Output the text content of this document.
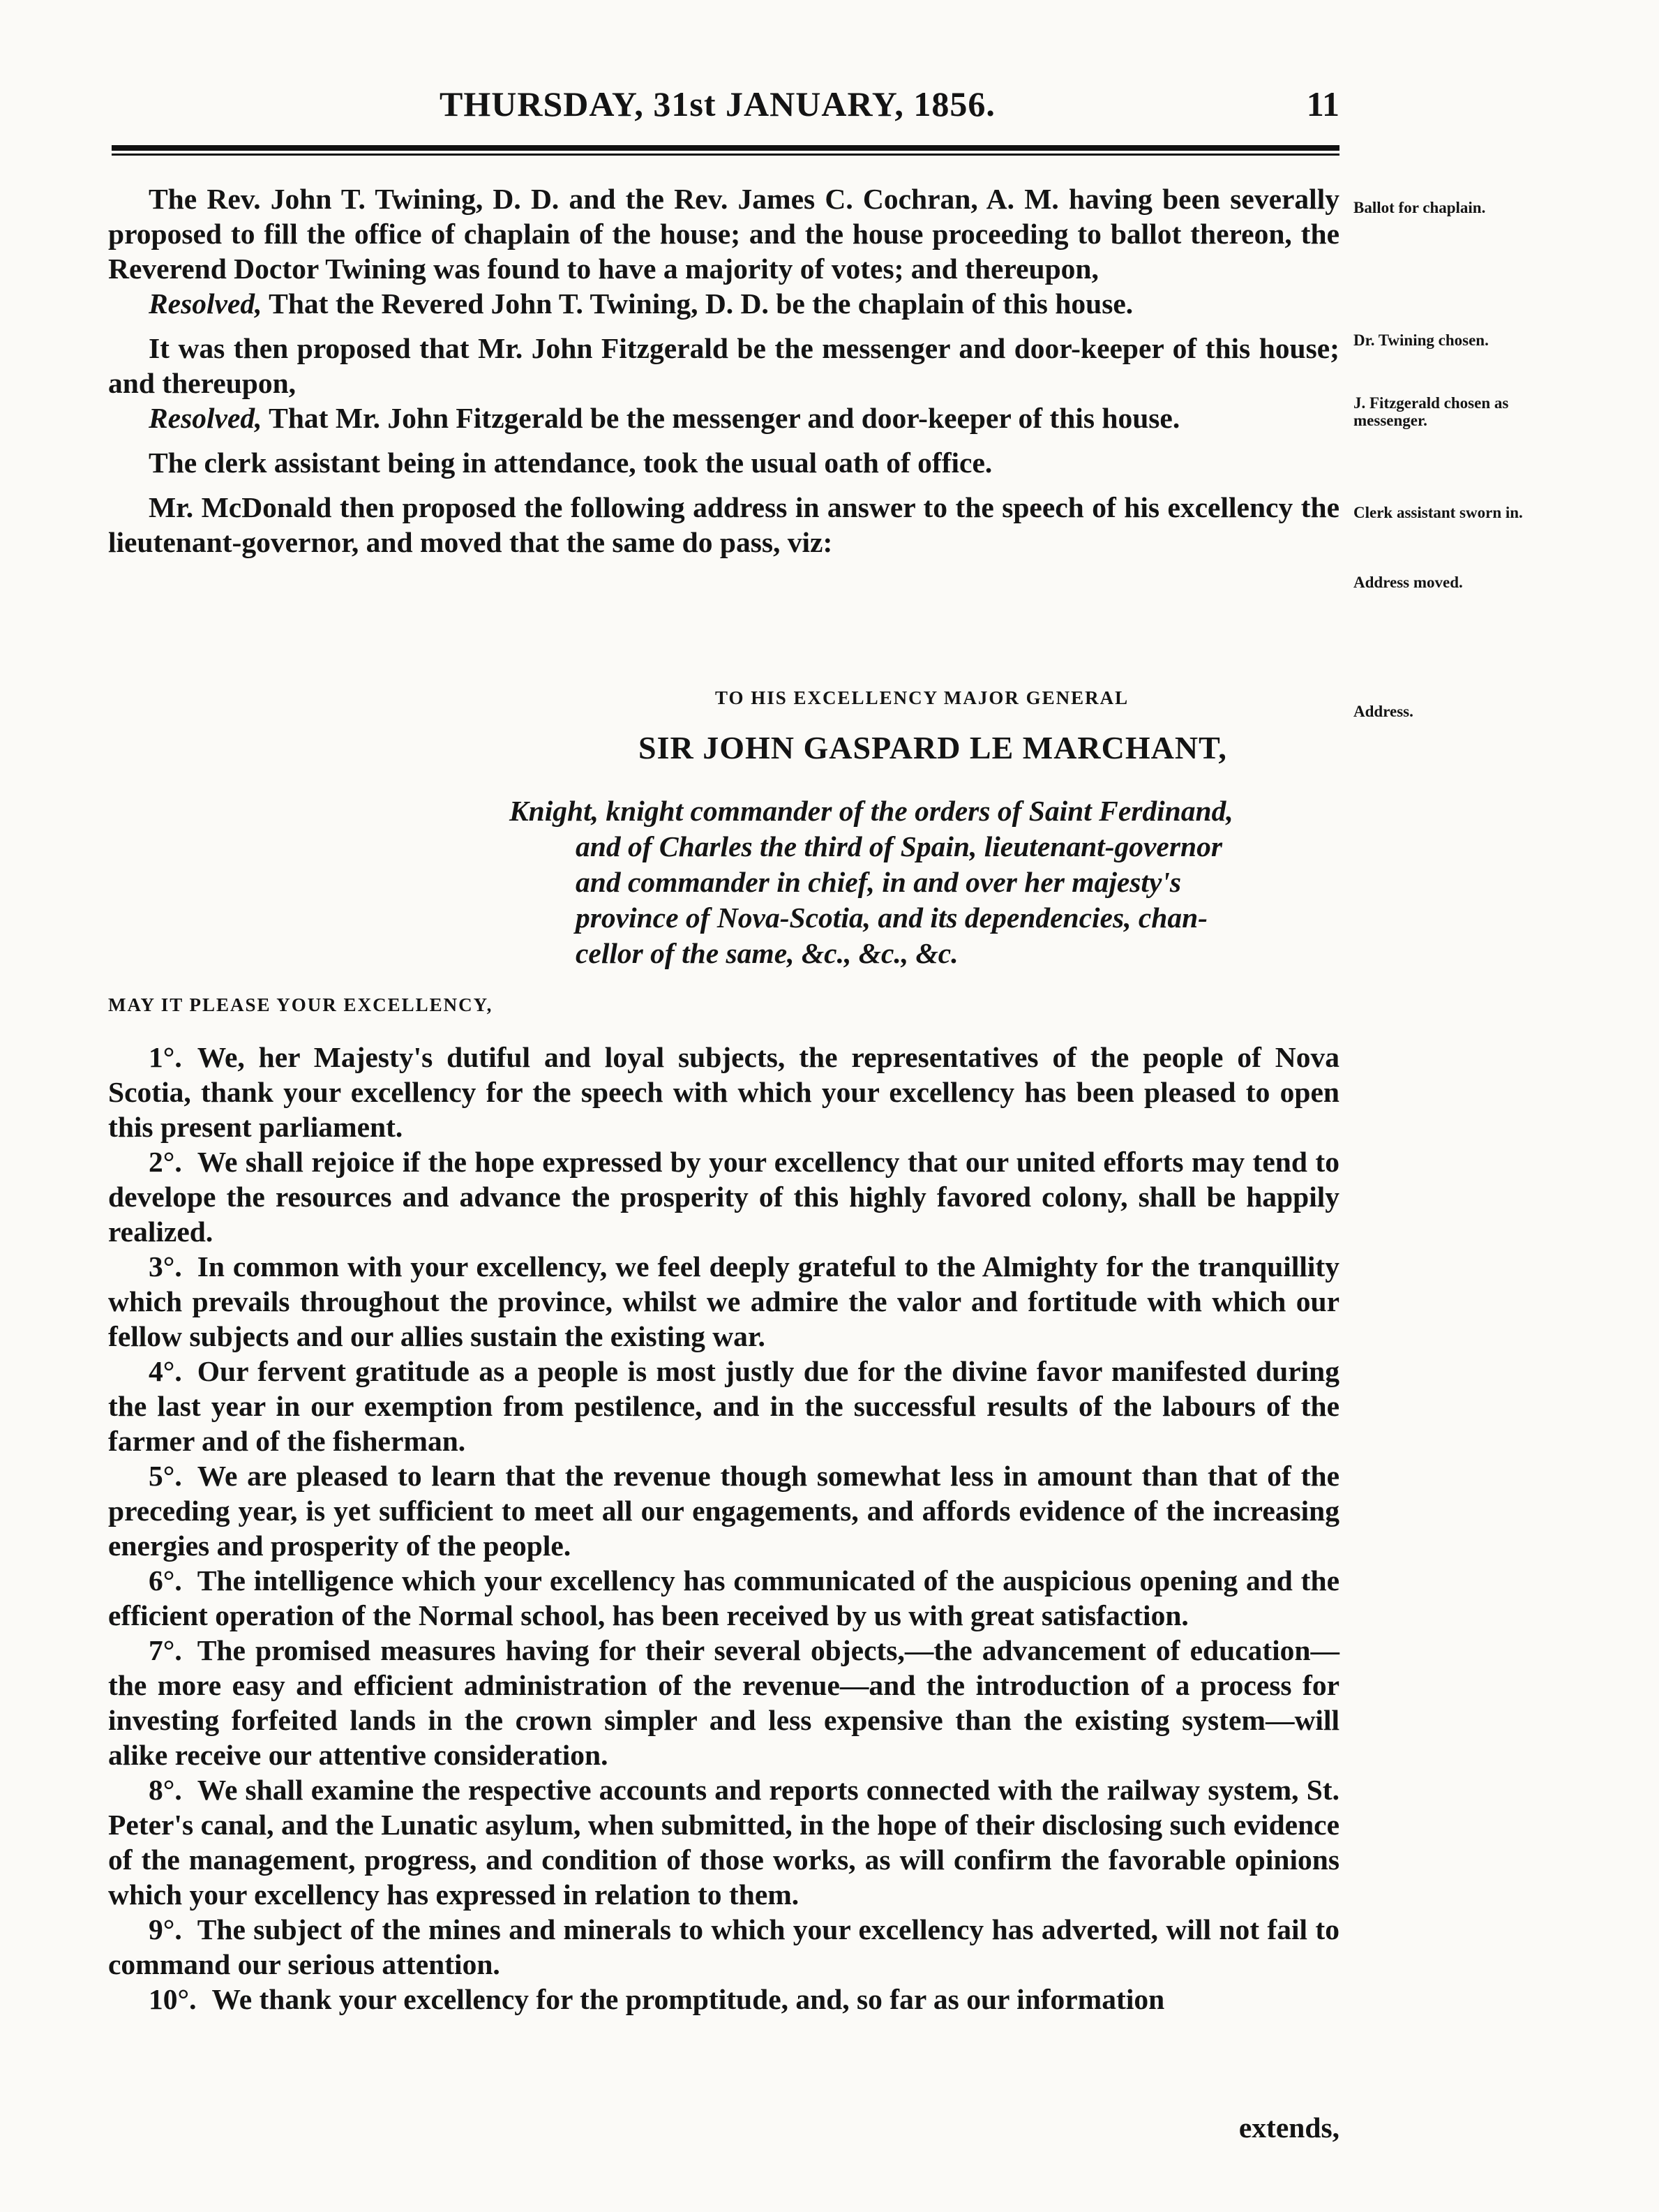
THURSDAY, 31st JANUARY, 1856.	11

The Rev. John T. Twining, D. D. and the Rev. James C. Cochran, A. M. having been severally proposed to fill the office of chaplain of the house; and the house proceeding to ballot thereon, the Reverend Doctor Twining was found to have a majority of votes; and thereupon,

Resolved, That the Revered John T. Twining, D. D. be the chaplain of this house.

It was then proposed that Mr. John Fitzgerald be the messenger and door-keeper of this house; and thereupon,

Resolved, That Mr. John Fitzgerald be the messenger and door-keeper of this house.

The clerk assistant being in attendance, took the usual oath of office.

Mr. McDonald then proposed the following address in answer to the speech of his excellency the lieutenant-governor, and moved that the same do pass, viz:

Ballot for chaplain.
Dr. Twining chosen.
J. Fitzgerald chosen as messenger.
Clerk assistant sworn in.
Address moved.
Address.
TO HIS EXCELLENCY MAJOR GENERAL
SIR JOHN GASPARD LE MARCHANT,
Knight, knight commander of the orders of Saint Ferdinand,
and of Charles the third of Spain, lieutenant-governor
and commander in chief, in and over her majesty's
province of Nova-Scotia, and its dependencies, chan-
cellor of the same, &c., &c., &c.
MAY IT PLEASE YOUR EXCELLENCY,

1°. We, her Majesty's dutiful and loyal subjects, the representatives of the people of Nova Scotia, thank your excellency for the speech with which your excellency has been pleased to open this present parliament.

2°. We shall rejoice if the hope expressed by your excellency that our united efforts may tend to develope the resources and advance the prosperity of this highly favored colony, shall be happily realized.

3°. In common with your excellency, we feel deeply grateful to the Almighty for the tranquillity which prevails throughout the province, whilst we admire the valor and fortitude with which our fellow subjects and our allies sustain the existing war.

4°. Our fervent gratitude as a people is most justly due for the divine favor manifested during the last year in our exemption from pestilence, and in the successful results of the labours of the farmer and of the fisherman.

5°. We are pleased to learn that the revenue though somewhat less in amount than that of the preceding year, is yet sufficient to meet all our engagements, and affords evidence of the increasing energies and prosperity of the people.

6°. The intelligence which your excellency has communicated of the auspicious opening and the efficient operation of the Normal school, has been received by us with great satisfaction.

7°. The promised measures having for their several objects,—the advancement of education—the more easy and efficient administration of the revenue—and the introduction of a process for investing forfeited lands in the crown simpler and less expensive than the existing system—will alike receive our attentive consideration.

8°. We shall examine the respective accounts and reports connected with the railway system, St. Peter's canal, and the Lunatic asylum, when submitted, in the hope of their disclosing such evidence of the management, progress, and condition of those works, as will confirm the favorable opinions which your excellency has expressed in relation to them.

9°. The subject of the mines and minerals to which your excellency has adverted, will not fail to command our serious attention.

10°. We thank your excellency for the promptitude, and, so far as our information

extends,
